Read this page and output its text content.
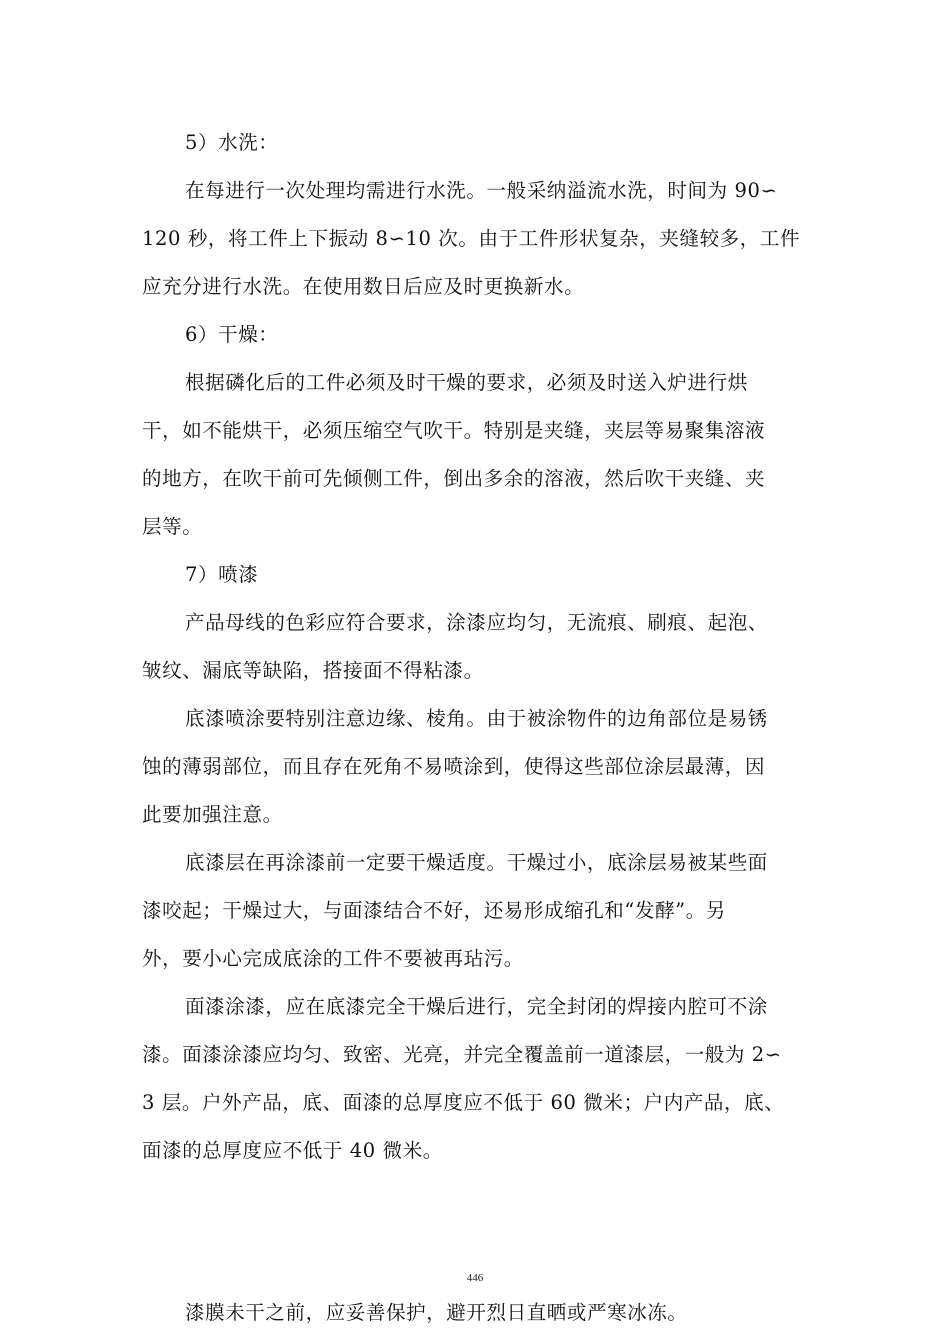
5）水洗：
在每进行一次处理均需进行水洗。一般采纳溢流水洗，时间为 90∽
120 秒，将工件上下振动 8∽10 次。由于工件形状复杂，夹缝较多，工件
应充分进行水洗。在使用数日后应及时更换新水。
6）干燥：
根据磷化后的工件必须及时干燥的要求，必须及时送入炉进行烘
干，如不能烘干，必须压缩空气吹干。特别是夹缝，夹层等易聚集溶液
的地方，在吹干前可先倾侧工件，倒出多余的溶液，然后吹干夹缝、夹
层等。
7）喷漆
产品母线的色彩应符合要求，涂漆应均匀，无流痕、刷痕、起泡、
皱纹、漏底等缺陷，搭接面不得粘漆。
底漆喷涂要特别注意边缘、棱角。由于被涂物件的边角部位是易锈
蚀的薄弱部位，而且存在死角不易喷涂到，使得这些部位涂层最薄，因
此要加强注意。
底漆层在再涂漆前一定要干燥适度。干燥过小，底涂层易被某些面
漆咬起；干燥过大，与面漆结合不好，还易形成缩孔和“发酵”。另
外，要小心完成底涂的工件不要被再玷污。
面漆涂漆，应在底漆完全干燥后进行，完全封闭的焊接内腔可不涂
漆。面漆涂漆应均匀、致密、光亮，并完全覆盖前一道漆层，一般为 2∽
3 层。户外产品，底、面漆的总厚度应不低于 60 微米；户内产品，底、
面漆的总厚度应不低于 40 微米。
446
漆膜未干之前，应妥善保护，避开烈日直晒或严寒冰冻。
